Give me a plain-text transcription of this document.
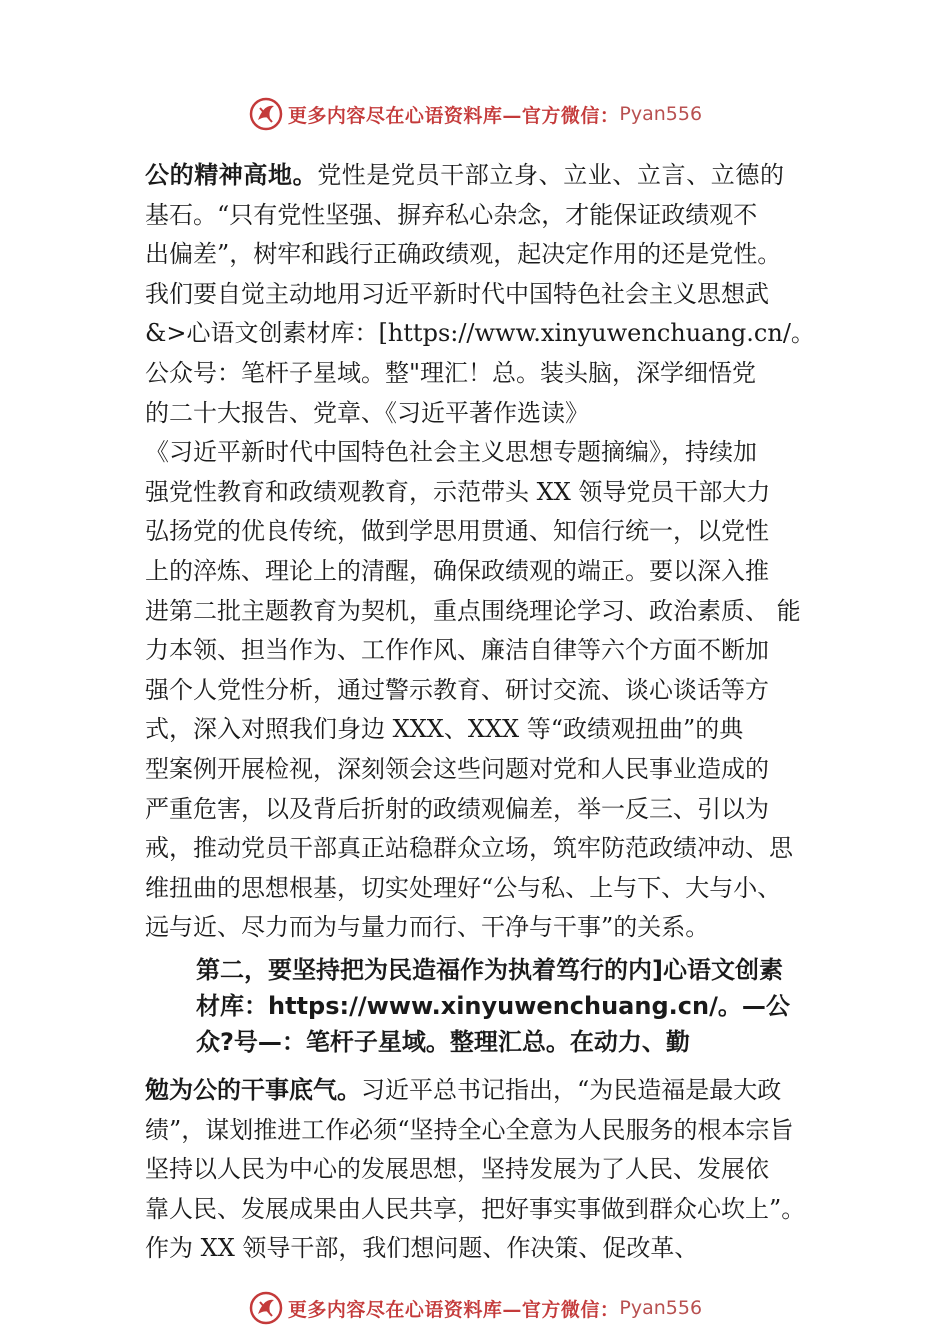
更多内容尽在心语资料库—官方微信： Pyan556
公的精神高地。党性是党员干部立身、立业、立言、立德的
基石。“只有党性坚强、摒弃私心杂念，才能保证政绩观不
出偏差”，树牢和践行正确政绩观，起决定作用的还是党性。
我们要自觉主动地用习近平新时代中国特色社会主义思想武
&>心语文创素材库：[https://www.xinyuwenchuang.cn/。
公众号：笔杆子星域。整"理汇！总。装头脑，深学细悟党
的二十大报告、党章、《习近平著作选读》
《习近平新时代中国特色社会主义思想专题摘编》，持续加
强党性教育和政绩观教育，示范带头 XX 领导党员干部大力
弘扬党的优良传统，做到学思用贯通、知信行统一，以党性
上的淬炼、理论上的清醒，确保政绩观的端正。要以深入推
进第二批主题教育为契机，重点围绕理论学习、政治素质、 能
力本领、担当作为、工作作风、廉洁自律等六个方面不断加
强个人党性分析，通过警示教育、研讨交流、谈心谈话等方
式，深入对照我们身边 XXX、XXX 等“政绩观扭曲”的典
型案例开展检视，深刻领会这些问题对党和人民事业造成的
严重危害，以及背后折射的政绩观偏差，举一反三、引以为
戒，推动党员干部真正站稳群众立场，筑牢防范政绩冲动、思
维扭曲的思想根基，切实处理好“公与私、上与下、大与小、
远与近、尽力而为与量力而行、干净与干事”的关系。
第二，要坚持把为民造福作为执着笃行的内]心语文创素
材库：https://www.xinyuwenchuang.cn/。—公
众?号—：笔杆子星域。整理汇总。在动力、勤
勉为公的干事底气。习近平总书记指出，“为民造福是最大政
绩”，谋划推进工作必须“坚持全心全意为人民服务的根本宗旨
坚持以人民为中心的发展思想，坚持发展为了人民、发展依
靠人民、发展成果由人民共享，把好事实事做到群众心坎上”。
作为 XX 领导干部，我们想问题、作决策、促改革、
更多内容尽在心语资料库—官方微信： Pyan556
